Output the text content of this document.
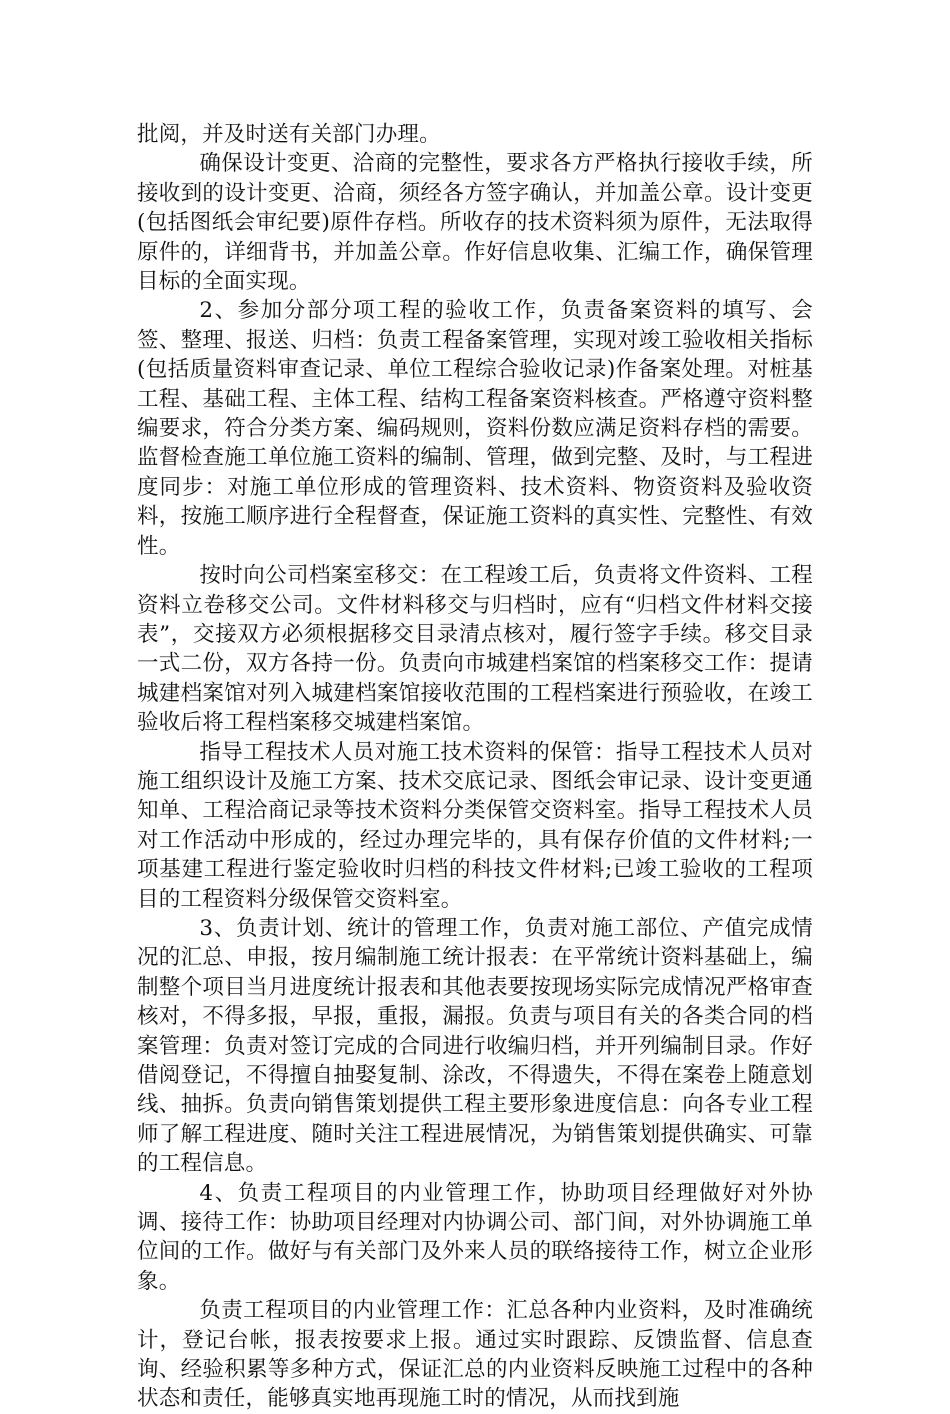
批阅，并及时送有关部门办理。

确保设计变更、洽商的完整性，要求各方严格执行接收手续，所接收到的设计变更、洽商，须经各方签字确认，并加盖公章。设计变更(包括图纸会审纪要)原件存档。所收存的技术资料须为原件，无法取得原件的，详细背书，并加盖公章。作好信息收集、汇编工作，确保管理目标的全面实现。

2、参加分部分项工程的验收工作，负责备案资料的填写、会签、整理、报送、归档：负责工程备案管理，实现对竣工验收相关指标(包括质量资料审查记录、单位工程综合验收记录)作备案处理。对桩基工程、基础工程、主体工程、结构工程备案资料核查。严格遵守资料整编要求，符合分类方案、编码规则，资料份数应满足资料存档的需要。监督检查施工单位施工资料的编制、管理，做到完整、及时，与工程进度同步：对施工单位形成的管理资料、技术资料、物资资料及验收资料，按施工顺序进行全程督查，保证施工资料的真实性、完整性、有效性。

按时向公司档案室移交：在工程竣工后，负责将文件资料、工程资料立卷移交公司。文件材料移交与归档时，应有“归档文件材料交接表”，交接双方必须根据移交目录清点核对，履行签字手续。移交目录一式二份，双方各持一份。负责向市城建档案馆的档案移交工作：提请城建档案馆对列入城建档案馆接收范围的工程档案进行预验收，在竣工验收后将工程档案移交城建档案馆。

指导工程技术人员对施工技术资料的保管：指导工程技术人员对施工组织设计及施工方案、技术交底记录、图纸会审记录、设计变更通知单、工程洽商记录等技术资料分类保管交资料室。指导工程技术人员对工作活动中形成的，经过办理完毕的，具有保存价值的文件材料;一项基建工程进行鉴定验收时归档的科技文件材料;已竣工验收的工程项目的工程资料分级保管交资料室。

3、负责计划、统计的管理工作，负责对施工部位、产值完成情况的汇总、申报，按月编制施工统计报表：在平常统计资料基础上，编制整个项目当月进度统计报表和其他表要按现场实际完成情况严格审查核对，不得多报，早报，重报，漏报。负责与项目有关的各类合同的档案管理：负责对签订完成的合同进行收编归档，并开列编制目录。作好借阅登记，不得擅自抽娶复制、涂改，不得遗失，不得在案卷上随意划线、抽拆。负责向销售策划提供工程主要形象进度信息：向各专业工程师了解工程进度、随时关注工程进展情况，为销售策划提供确实、可靠的工程信息。

4、负责工程项目的内业管理工作，协助项目经理做好对外协调、接待工作：协助项目经理对内协调公司、部门间，对外协调施工单位间的工作。做好与有关部门及外来人员的联络接待工作，树立企业形象。

负责工程项目的内业管理工作：汇总各种内业资料，及时准确统计，登记台帐，报表按要求上报。通过实时跟踪、反馈监督、信息查询、经验积累等多种方式，保证汇总的内业资料反映施工过程中的各种状态和责任，能够真实地再现施工时的情况，从而找到施
